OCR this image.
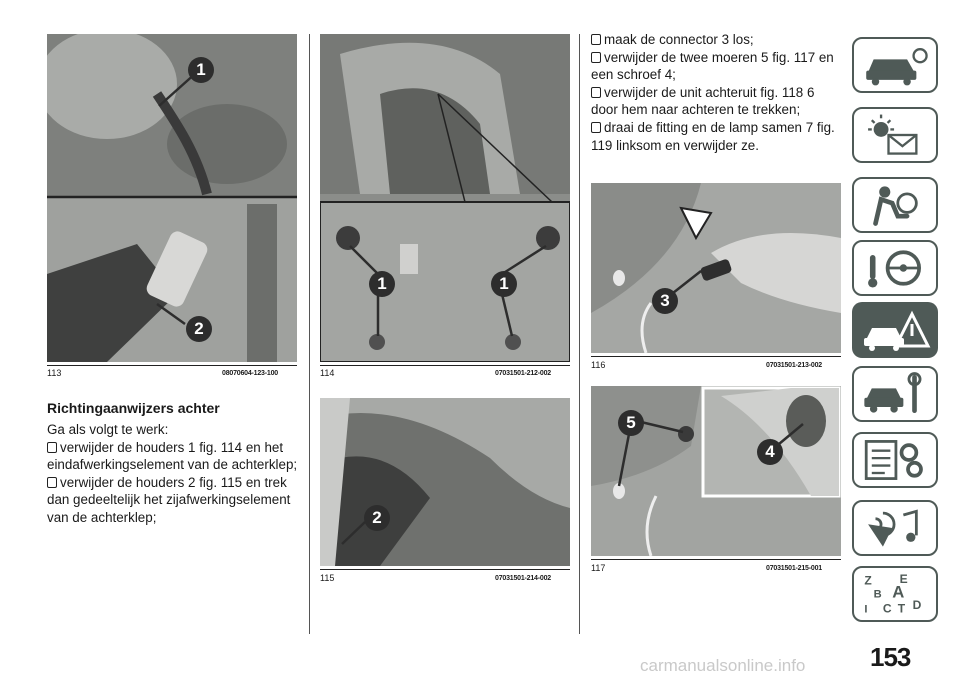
1
2
113	08070604-123-100
Richtingaanwijzers achter
Ga als volgt te werk:
verwijder de houders 1 fig. 114 en het eindafwerkingselement van de achterklep;
verwijder de houders 2 fig. 115 en trek dan gedeeltelijk het zijafwerkingselement van de achterklep;
1	1
114	07031501-212-002
2
115	07031501-214-002
maak de connector 3 los;
verwijder de twee moeren 5 fig. 117 en een schroef 4;
verwijder de unit achteruit fig. 118 6 door hem naar achteren te trekken;
draai de fitting en de lamp samen 7 fig. 119 linksom en verwijder ze.
3
116	07031501-213-002
5
4
117	07031501-215-001
Z E
B A
C T D
I
153
carmanualsonline.info
